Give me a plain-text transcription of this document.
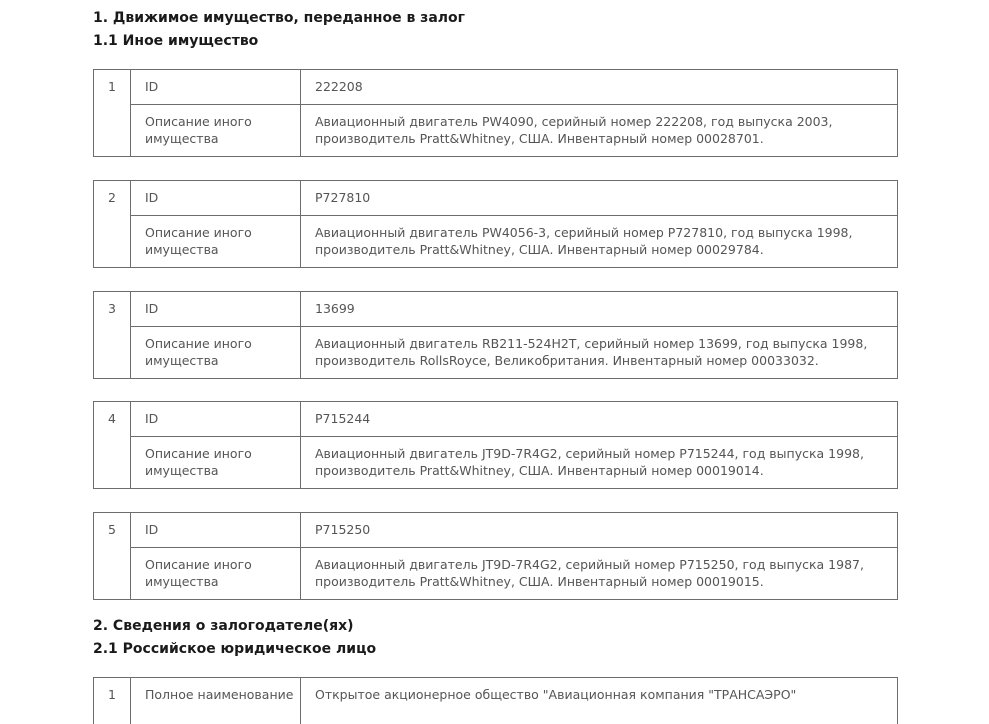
1. Движимое имущество, переданное в залог
1.1 Иное имущество
1	ID	222208

	Описание иного имущества	Авиационный двигатель PW4090, серийный номер 222208, год выпуска 2003, производитель Pratt&Whitney, США. Инвентарный номер 00028701.
2	ID	P727810

	Описание иного имущества	Авиационный двигатель PW4056-3, серийный номер P727810, год выпуска 1998, производитель Pratt&Whitney, США. Инвентарный номер 00029784.
3	ID	13699

	Описание иного имущества	Авиационный двигатель RB211-524H2T, серийный номер 13699, год выпуска 1998, производитель RollsRoyce, Великобритания. Инвентарный номер 00033032.
4	ID	P715244

	Описание иного имущества	Авиационный двигатель JT9D-7R4G2, серийный номер P715244, год выпуска 1998, производитель Pratt&Whitney, США. Инвентарный номер 00019014.
5	ID	P715250

	Описание иного имущества	Авиационный двигатель JT9D-7R4G2, серийный номер P715250, год выпуска 1987, производитель Pratt&Whitney, США. Инвентарный номер 00019015.
2. Сведения о залогодателе(ях)
2.1 Российское юридическое лицо
1	Полное наименование	Открытое акционерное общество "Авиационная компания "ТРАНСАЭРО"
